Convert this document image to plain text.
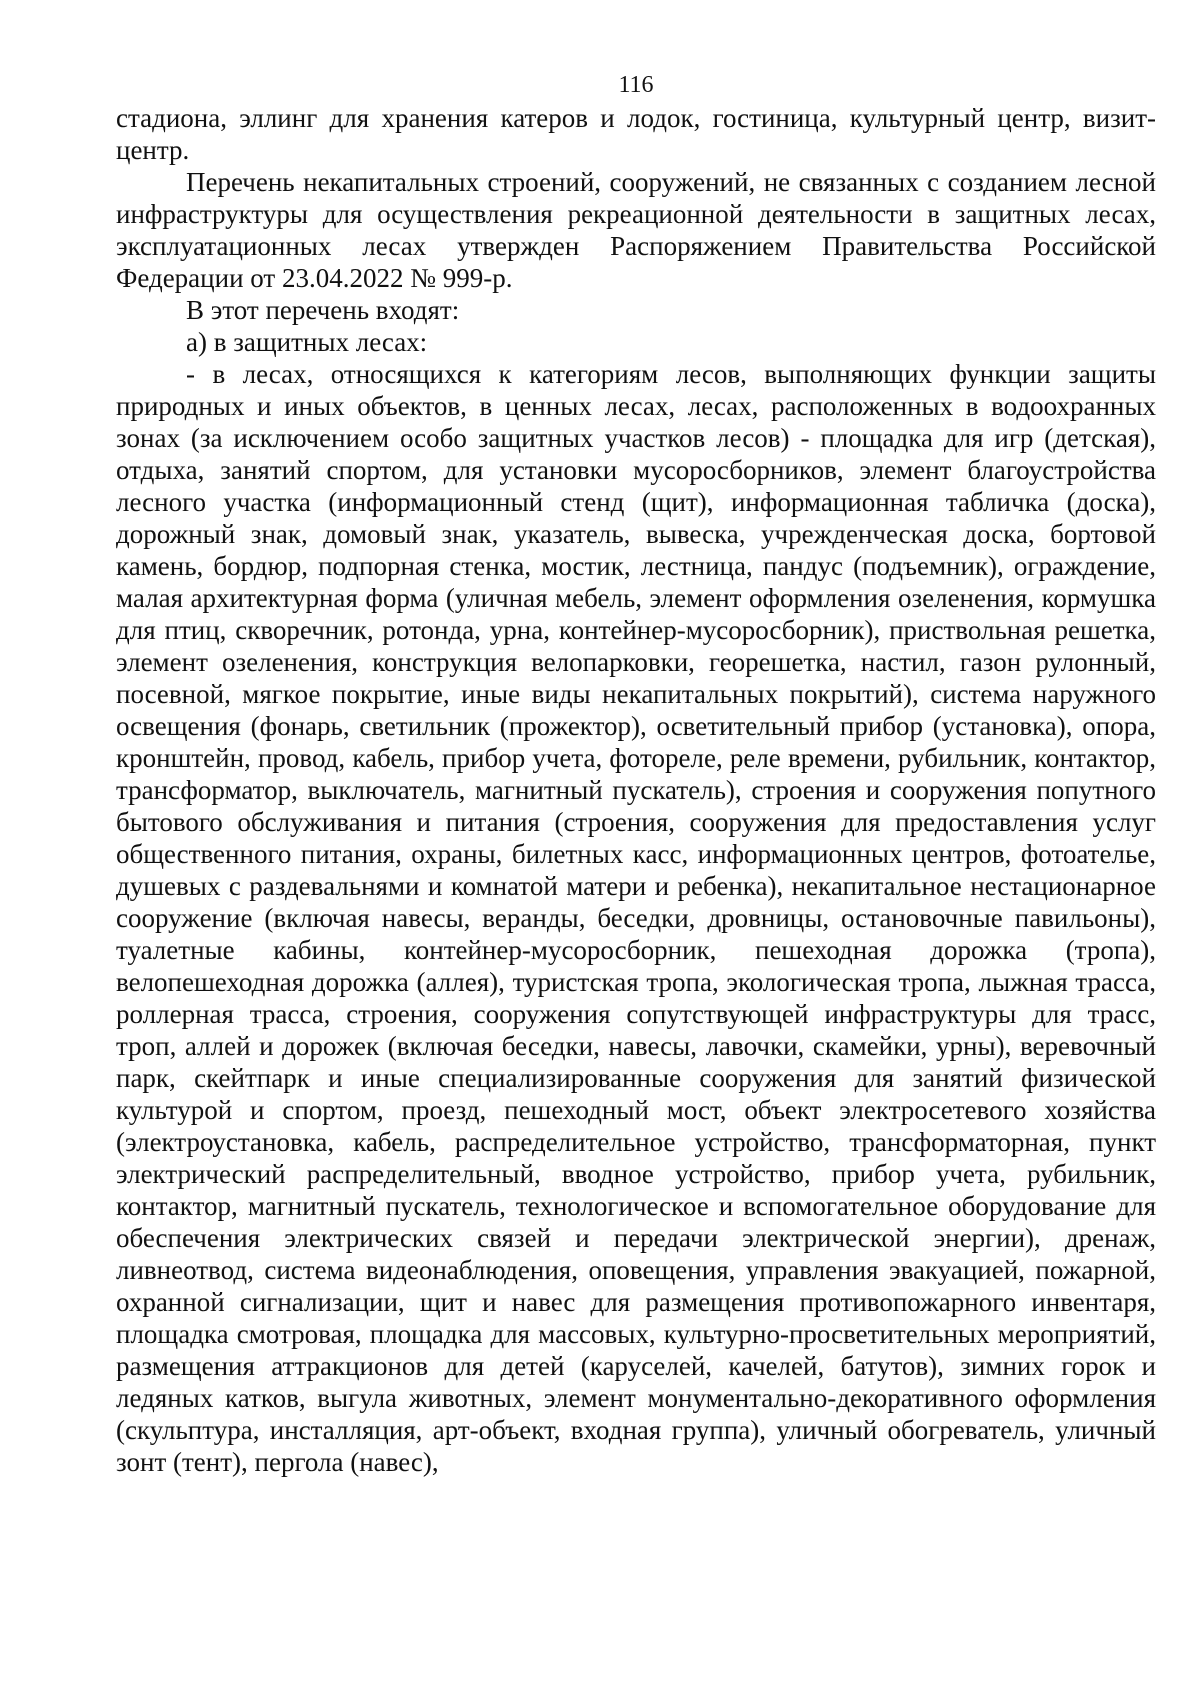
116

стадиона, эллинг для хранения катеров и лодок, гостиница, культурный центр, визит-центр.

Перечень некапитальных строений, сооружений, не связанных с созданием лесной инфраструктуры для осуществления рекреационной деятельности в защитных лесах, эксплуатационных лесах утвержден Распоряжением Правительства Российской Федерации от 23.04.2022 № 999-р.

В этот перечень входят:

а) в защитных лесах:

- в лесах, относящихся к категориям лесов, выполняющих функции защиты природных и иных объектов, в ценных лесах, лесах, расположенных в водоохранных зонах (за исключением особо защитных участков лесов) - площадка для игр (детская), отдыха, занятий спортом, для установки мусоросборников, элемент благоустройства лесного участка (информационный стенд (щит), информационная табличка (доска), дорожный знак, домовый знак, указатель, вывеска, учрежденческая доска, бортовой камень, бордюр, подпорная стенка, мостик, лестница, пандус (подъемник), ограждение, малая архитектурная форма (уличная мебель, элемент оформления озеленения, кормушка для птиц, скворечник, ротонда, урна, контейнер-мусоросборник), приствольная решетка, элемент озеленения, конструкция велопарковки, георешетка, настил, газон рулонный, посевной, мягкое покрытие, иные виды некапитальных покрытий), система наружного освещения (фонарь, светильник (прожектор), осветительный прибор (установка), опора, кронштейн, провод, кабель, прибор учета, фотореле, реле времени, рубильник, контактор, трансформатор, выключатель, магнитный пускатель), строения и сооружения попутного бытового обслуживания и питания (строения, сооружения для предоставления услуг общественного питания, охраны, билетных касс, информационных центров, фотоателье, душевых с раздевальнями и комнатой матери и ребенка), некапитальное нестационарное сооружение (включая навесы, веранды, беседки, дровницы, остановочные павильоны), туалетные кабины, контейнер-мусоросборник, пешеходная дорожка (тропа), велопешеходная дорожка (аллея), туристская тропа, экологическая тропа, лыжная трасса, роллерная трасса, строения, сооружения сопутствующей инфраструктуры для трасс, троп, аллей и дорожек (включая беседки, навесы, лавочки, скамейки, урны), веревочный парк, скейтпарк и иные специализированные сооружения для занятий физической культурой и спортом, проезд, пешеходный мост, объект электросетевого хозяйства (электроустановка, кабель, распределительное устройство, трансформаторная, пункт электрический распределительный, вводное устройство, прибор учета, рубильник, контактор, магнитный пускатель, технологическое и вспомогательное оборудование для обеспечения электрических связей и передачи электрической энергии), дренаж, ливнеотвод, система видеонаблюдения, оповещения, управления эвакуацией, пожарной, охранной сигнализации, щит и навес для размещения противопожарного инвентаря, площадка смотровая, площадка для массовых, культурно-просветительных мероприятий, размещения аттракционов для детей (каруселей, качелей, батутов), зимних горок и ледяных катков, выгула животных, элемент монументально-декоративного оформления (скульптура, инсталляция, арт-объект, входная группа), уличный обогреватель, уличный зонт (тент), пергола (навес),
